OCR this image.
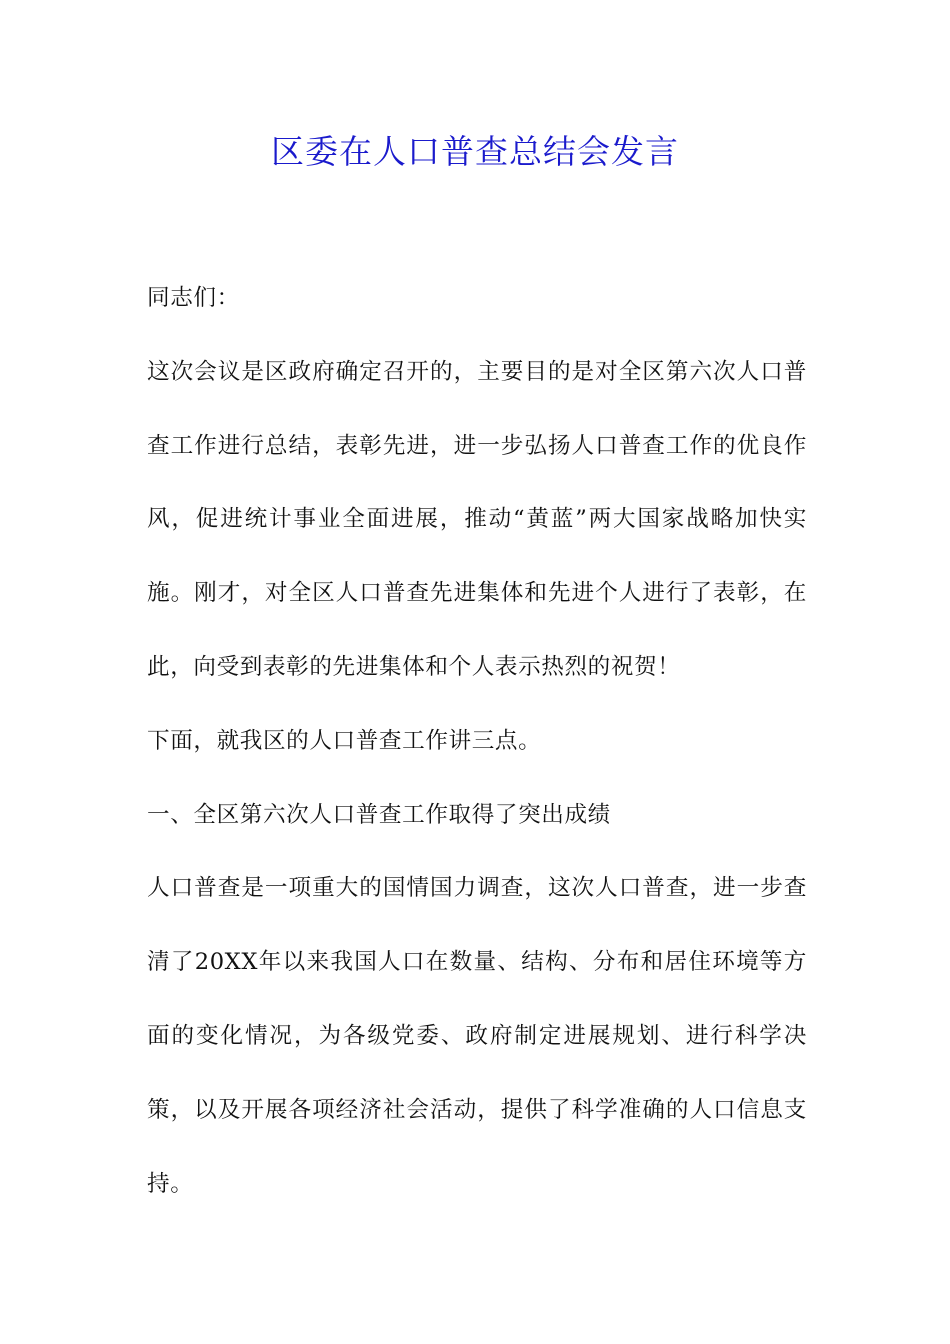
区委在人口普查总结会发言

同志们：

这次会议是区政府确定召开的，主要目的是对全区第六次人口普查工作进行总结，表彰先进，进一步弘扬人口普查工作的优良作风，促进统计事业全面进展，推动“黄蓝”两大国家战略加快实施。刚才，对全区人口普查先进集体和先进个人进行了表彰，在此，向受到表彰的先进集体和个人表示热烈的祝贺！

下面，就我区的人口普查工作讲三点。

一、全区第六次人口普查工作取得了突出成绩

人口普查是一项重大的国情国力调查，这次人口普查，进一步查清了20XX年以来我国人口在数量、结构、分布和居住环境等方面的变化情况，为各级党委、政府制定进展规划、进行科学决策，以及开展各项经济社会活动，提供了科学准确的人口信息支持。
